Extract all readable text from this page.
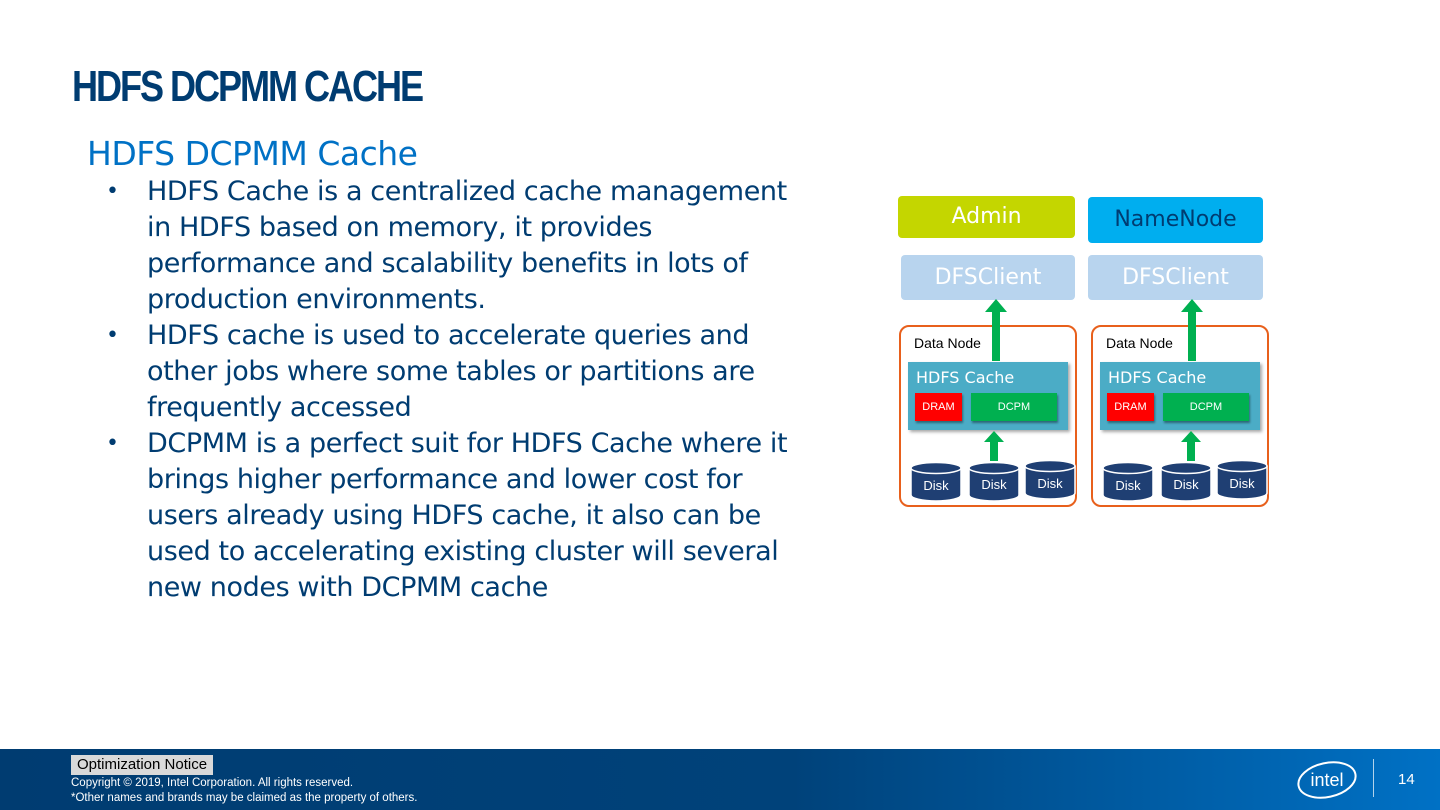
HDFS DCPMM CACHE
HDFS DCPMM Cache
• HDFS Cache is a centralized cache management
in HDFS based on memory, it provides
performance and scalability benefits in lots of
production environments.
• HDFS cache is used to accelerate queries and
other jobs where some tables or partitions are
frequently accessed
• DCPMM is a perfect suit for HDFS Cache where it
brings higher performance and lower cost for
users already using HDFS cache, it also can be
used to accelerating existing cluster will several
new nodes with DCPMM cache
Admin	NameNode
DFSClient	DFSClient
Data Node	Data Node
HDFS Cache	HDFS Cache
DRAM	DCPM	DRAM	DCPM
Disk	Disk	Disk	Disk	Disk	Disk
Optimization Notice
Copyright © 2019, Intel Corporation. All rights reserved.
*Other names and brands may be claimed as the property of others.
intel	14
